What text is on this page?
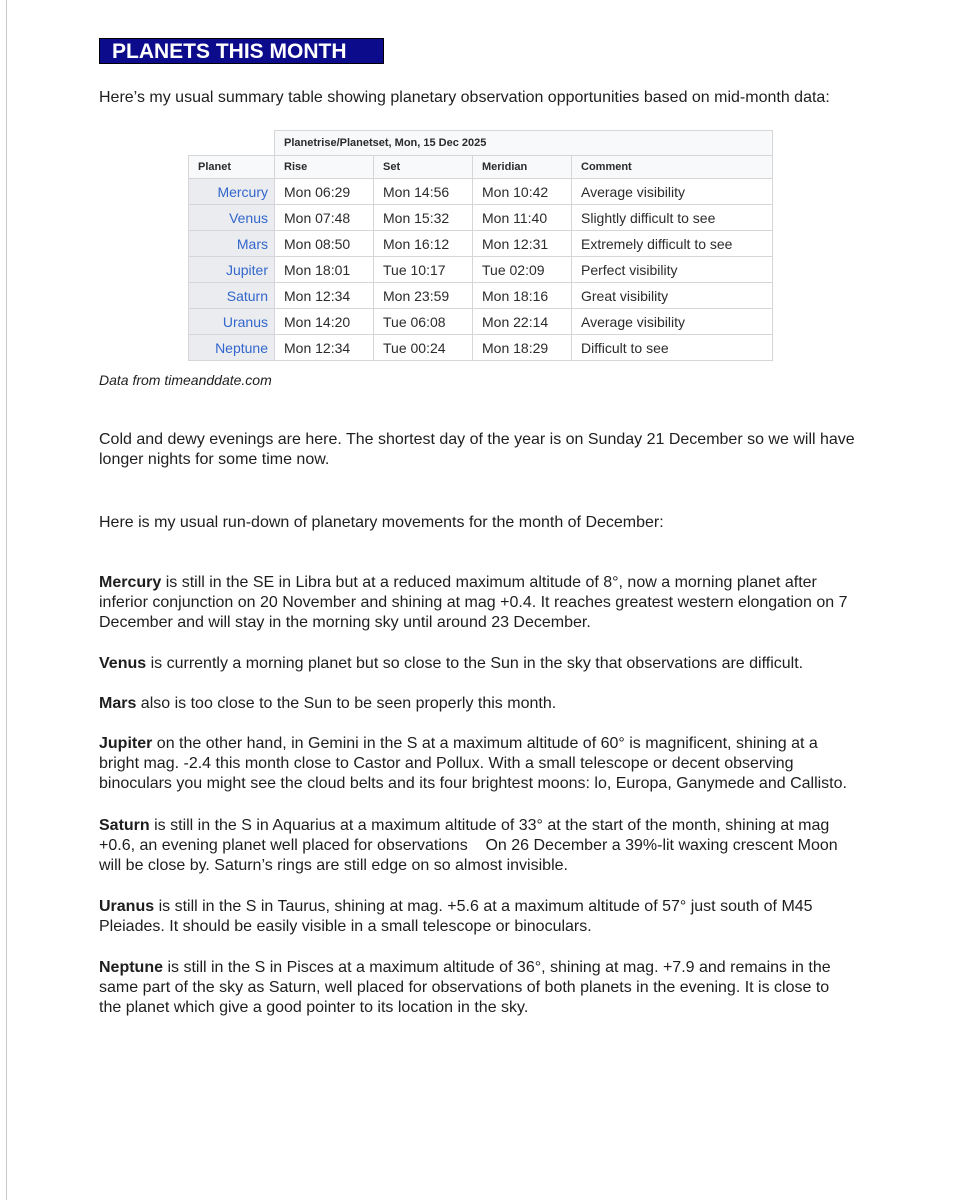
PLANETS THIS MONTH
Here’s my usual summary table showing planetary observation opportunities based on mid-month data:
	Planetrise/Planetset, Mon, 15 Dec 2025			
Planet	Rise	Set	Meridian	Comment
Mercury	Mon 06:29	Mon 14:56	Mon 10:42	Average visibility
Venus	Mon 07:48	Mon 15:32	Mon 11:40	Slightly difficult to see
Mars	Mon 08:50	Mon 16:12	Mon 12:31	Extremely difficult to see
Jupiter	Mon 18:01	Tue 10:17	Tue 02:09	Perfect visibility
Saturn	Mon 12:34	Mon 23:59	Mon 18:16	Great visibility
Uranus	Mon 14:20	Tue 06:08	Mon 22:14	Average visibility
Neptune	Mon 12:34	Tue 00:24	Mon 18:29	Difficult to see
Data from timeanddate.com

Cold and dewy evenings are here. The shortest day of the year is on Sunday 21 December so we will have
longer nights for some time now.

Here is my usual run-down of planetary movements for the month of December:

Mercury is still in the SE in Libra but at a reduced maximum altitude of 8°, now a morning planet after
inferior conjunction on 20 November and shining at mag +0.4. It reaches greatest western elongation on 7
December and will stay in the morning sky until around 23 December.

Venus is currently a morning planet but so close to the Sun in the sky that observations are difficult.

Mars also is too close to the Sun to be seen properly this month.

Jupiter on the other hand, in Gemini in the S at a maximum altitude of 60° is magnificent, shining at a
bright mag. -2.4 this month close to Castor and Pollux. With a small telescope or decent observing
binoculars you might see the cloud belts and its four brightest moons: lo, Europa, Ganymede and Callisto.

Saturn is still in the S in Aquarius at a maximum altitude of 33° at the start of the month, shining at mag
+0.6, an evening planet well placed for observations    On 26 December a 39%-lit waxing crescent Moon
will be close by. Saturn’s rings are still edge on so almost invisible.

Uranus is still in the S in Taurus, shining at mag. +5.6 at a maximum altitude of 57° just south of M45
Pleiades. It should be easily visible in a small telescope or binoculars.

Neptune is still in the S in Pisces at a maximum altitude of 36°, shining at mag. +7.9 and remains in the
same part of the sky as Saturn, well placed for observations of both planets in the evening. It is close to
the planet which give a good pointer to its location in the sky.
